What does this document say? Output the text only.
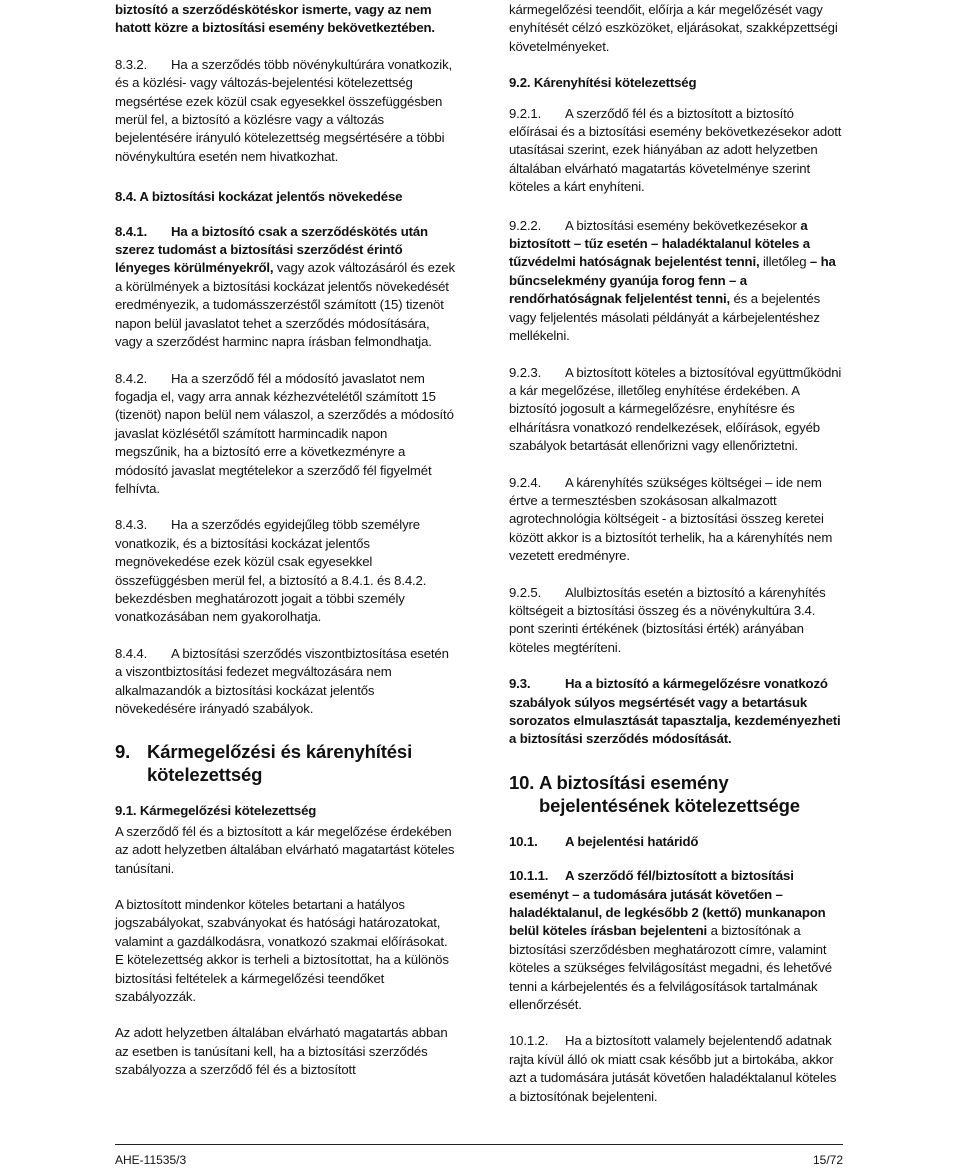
biztosító a szerződéskötéskor ismerte, vagy az nem hatott közre a biztosítási esemény bekövetkeztében.

8.3.2. Ha a szerződés több növénykultúrára vonatkozik, és a közlési- vagy változás-bejelentési kötelezettség megsértése ezek közül csak egyesekkel összefüggésben merül fel, a biztosító a közlésre vagy a változás bejelentésére irányuló kötelezettség megsértésére a többi növénykultúra esetén nem hivatkozhat.

8.4. A biztosítási kockázat jelentős növekedése

8.4.1. Ha a biztosító csak a szerződéskötés után szerez tudomást a biztosítási szerződést érintő lényeges körülményekről, vagy azok változásáról és ezek a körülmények a biztosítási kockázat jelentős növekedését eredményezik, a tudomásszerzéstől számított (15) tizenöt napon belül javaslatot tehet a szerződés módosítására, vagy a szerződést harminc napra írásban felmondhatja.

8.4.2. Ha a szerződő fél a módosító javaslatot nem fogadja el, vagy arra annak kézhezvételétől számított 15 (tizenöt) napon belül nem válaszol, a szerződés a módosító javaslat közlésétől számított harmincadik napon megszűnik, ha a biztosító erre a következményre a módosító javaslat megtételekor a szerződő fél figyelmét felhívta.

8.4.3. Ha a szerződés egyidejűleg több személyre vonatkozik, és a biztosítási kockázat jelentős megnövekedése ezek közül csak egyesekkel összefüggésben merül fel, a biztosító a 8.4.1. és 8.4.2. bekezdésben meghatározott jogait a többi személy vonatkozásában nem gyakorolhatja.

8.4.4. A biztosítási szerződés viszontbiztosítása esetén a viszontbiztosítási fedezet megváltozására nem alkalmazandók a biztosítási kockázat jelentős növekedésére irányadó szabályok.

9. Kármegelőzési és kárenyhítési
kötelezettség

9.1. Kármegelőzési kötelezettség

A szerződő fél és a biztosított a kár megelőzése érdekében az adott helyzetben általában elvárható magatartást köteles tanúsítani.

A biztosított mindenkor köteles betartani a hatályos jogszabályokat, szabványokat és hatósági határozatokat, valamint a gazdálkodásra, vonatkozó szakmai előírásokat. E kötelezettség akkor is terheli a biztosítottat, ha a különös biztosítási feltételek a kármegelőzési teendőket szabályozzák.

Az adott helyzetben általában elvárható magatartás abban az esetben is tanúsítani kell, ha a biztosítási szerződés szabályozza a szerződő fél és a biztosított

kármegelőzési teendőit, előírja a kár megelőzését vagy enyhítését célzó eszközöket, eljárásokat, szakképzettségi követelményeket.

9.2. Kárenyhítési kötelezettség

9.2.1. A szerződő fél és a biztosított a biztosító előírásai és a biztosítási esemény bekövetkezésekor adott utasításai szerint, ezek hiányában az adott helyzetben általában elvárható magatartás követelménye szerint köteles a kárt enyhíteni.

9.2.2. A biztosítási esemény bekövetkezésekor a biztosított – tűz esetén – haladéktalanul köteles a tűzvédelmi hatóságnak bejelentést tenni, illetőleg – ha bűncselekmény gyanúja forog fenn – a rendőrhatóságnak feljelentést tenni, és a bejelentés vagy feljelentés másolati példányát a kárbejelentéshez mellékelni.

9.2.3. A biztosított köteles a biztosítóval együttműködni a kár megelőzése, illetőleg enyhítése érdekében. A biztosító jogosult a kármegelőzésre, enyhítésre és elhárításra vonatkozó rendelkezések, előírások, egyéb szabályok betartását ellenőrizni vagy ellenőriztetni.

9.2.4. A kárenyhítés szükséges költségei – ide nem értve a termesztésben szokásosan alkalmazott agrotechnológia költségeit - a biztosítási összeg keretei között akkor is a biztosítót terhelik, ha a kárenyhítés nem vezetett eredményre.

9.2.5. Alulbiztosítás esetén a biztosító a kárenyhítés költségeit a biztosítási összeg és a növénykultúra 3.4. pont szerinti értékének (biztosítási érték) arányában köteles megtéríteni.

9.3.	Ha a biztosító a kármegelőzésre vonatkozó szabályok súlyos megsértését vagy a betartásuk sorozatos elmulasztását tapasztalja, kezdeményezheti a biztosítási szerződés módosítását.

10. A biztosítási esemény
bejelentésének kötelezettsége

10.1. A bejelentési határidő

10.1.1. A szerződő fél/biztosított a biztosítási eseményt – a tudomására jutását követően – haladéktalanul, de legkésőbb 2 (kettő) munkanapon belül köteles írásban bejelenteni a biztosítónak a biztosítási szerződésben meghatározott címre, valamint köteles a szükséges felvilágosítást megadni, és lehetővé tenni a kárbejelentés és a felvilágosítások tartalmának ellenőrzését.

10.1.2. Ha a biztosított valamely bejelentendő adatnak rajta kívül álló ok miatt csak később jut a birtokába, akkor azt a tudomására jutását követően haladéktalanul köteles a biztosítónak bejelenteni.

AHE-11535/3	15/72
